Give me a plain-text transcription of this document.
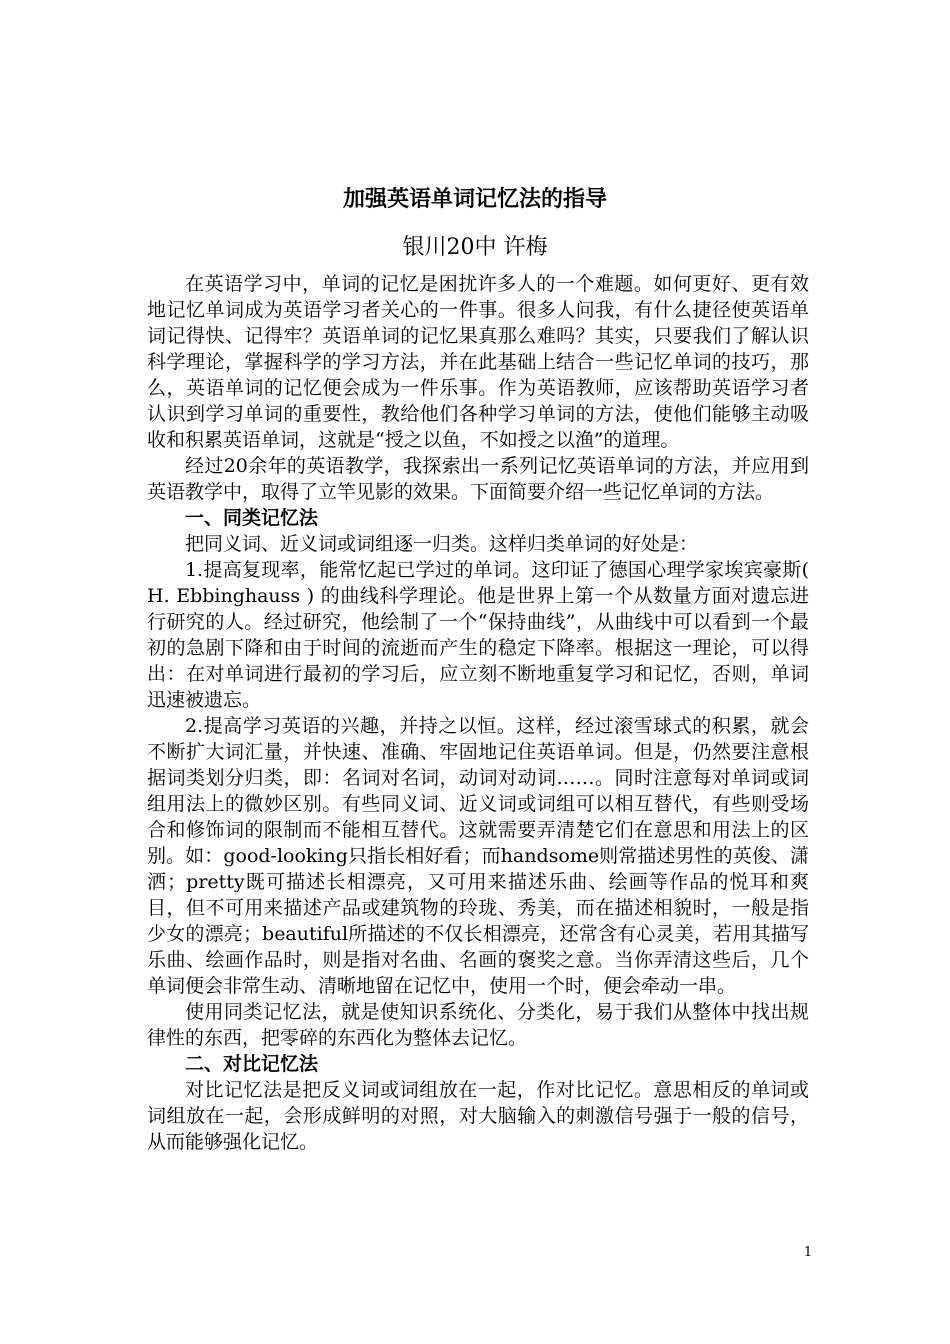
加强英语单词记忆法的指导
银川20中 许梅

在英语学习中，单词的记忆是困扰许多人的一个难题。如何更好、更有效地记忆单词成为英语学习者关心的一件事。很多人问我，有什么捷径使英语单词记得快、记得牢？英语单词的记忆果真那么难吗？其实，只要我们了解认识科学理论，掌握科学的学习方法，并在此基础上结合一些记忆单词的技巧，那么，英语单词的记忆便会成为一件乐事。作为英语教师，应该帮助英语学习者认识到学习单词的重要性，教给他们各种学习单词的方法，使他们能够主动吸收和积累英语单词，这就是“授之以鱼，不如授之以渔”的道理。

经过20余年的英语教学，我探索出一系列记忆英语单词的方法，并应用到英语教学中，取得了立竿见影的效果。下面简要介绍一些记忆单词的方法。

一、同类记忆法

把同义词、近义词或词组逐一归类。这样归类单词的好处是：

1.提高复现率，能常忆起已学过的单词。这印证了德国心理学家埃宾豪斯( H. Ebbinghauss ) 的曲线科学理论。他是世界上第一个从数量方面对遗忘进行研究的人。经过研究，他绘制了一个“保持曲线”，从曲线中可以看到一个最初的急剧下降和由于时间的流逝而产生的稳定下降率。根据这一理论，可以得出：在对单词进行最初的学习后，应立刻不断地重复学习和记忆，否则，单词迅速被遗忘。

2.提高学习英语的兴趣，并持之以恒。这样，经过滚雪球式的积累，就会不断扩大词汇量，并快速、准确、牢固地记住英语单词。但是，仍然要注意根据词类划分归类，即：名词对名词，动词对动词……。同时注意每对单词或词组用法上的微妙区别。有些同义词、近义词或词组可以相互替代，有些则受场合和修饰词的限制而不能相互替代。这就需要弄清楚它们在意思和用法上的区别。如：good-looking只指长相好看；而handsome则常描述男性的英俊、潇洒；pretty既可描述长相漂亮，又可用来描述乐曲、绘画等作品的悦耳和爽目，但不可用来描述产品或建筑物的玲珑、秀美，而在描述相貌时，一般是指少女的漂亮；beautiful所描述的不仅长相漂亮，还常含有心灵美，若用其描写乐曲、绘画作品时，则是指对名曲、名画的褒奖之意。当你弄清这些后，几个单词便会非常生动、清晰地留在记忆中，使用一个时，便会牵动一串。

使用同类记忆法，就是使知识系统化、分类化，易于我们从整体中找出规律性的东西，把零碎的东西化为整体去记忆。

二、对比记忆法

对比记忆法是把反义词或词组放在一起，作对比记忆。意思相反的单词或词组放在一起，会形成鲜明的对照，对大脑输入的刺激信号强于一般的信号，从而能够强化记忆。

1
